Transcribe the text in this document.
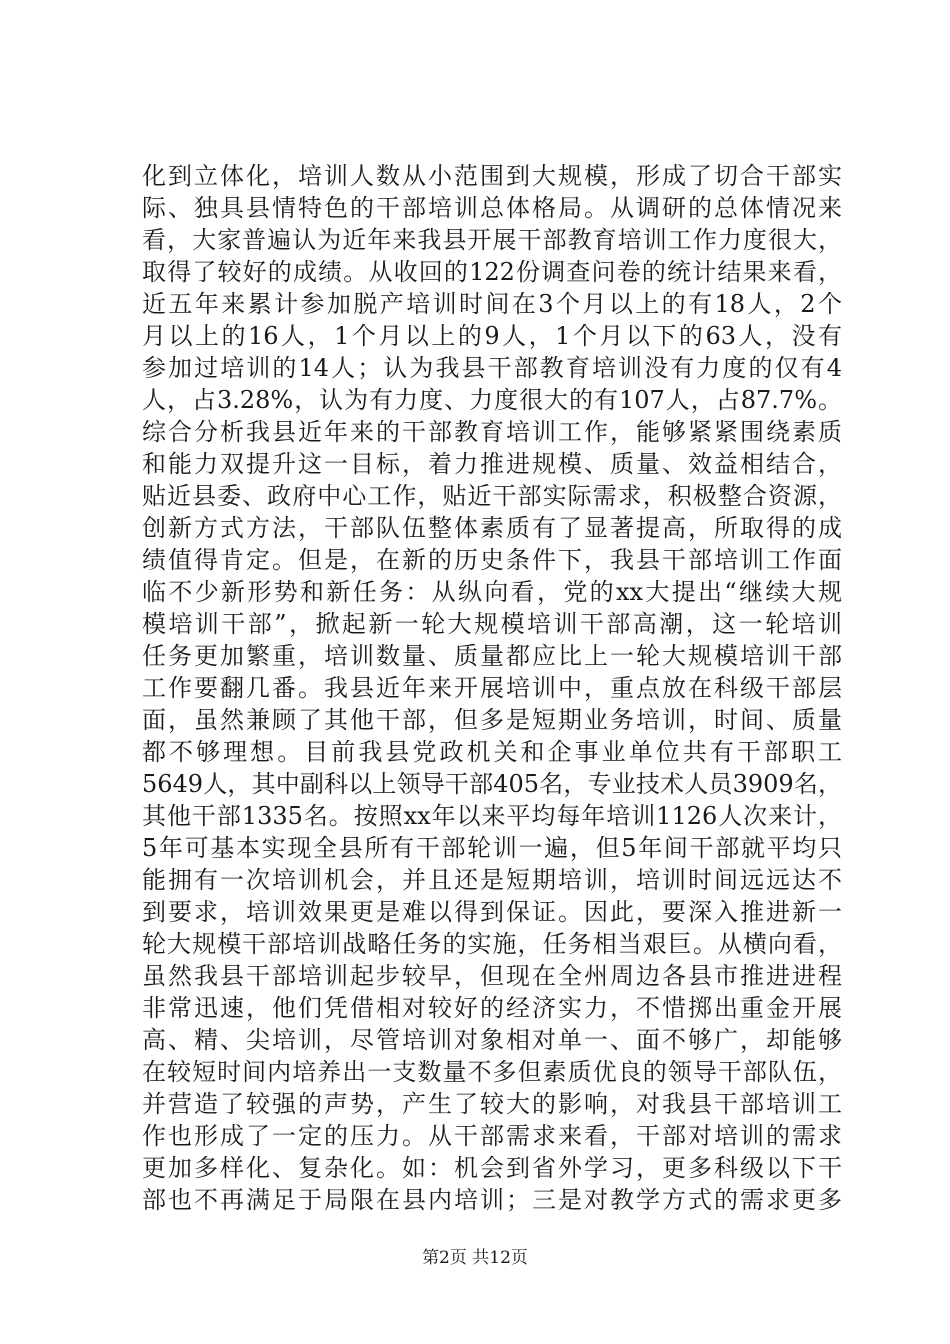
化到立体化，培训人数从小范围到大规模，形成了切合干部实
际、独具县情特色的干部培训总体格局。从调研的总体情况来
看，大家普遍认为近年来我县开展干部教育培训工作力度很大，
取得了较好的成绩。从收回的122份调查问卷的统计结果来看，
近五年来累计参加脱产培训时间在3个月以上的有18人，2个
月以上的16人，1个月以上的9人，1个月以下的63人，没有
参加过培训的14人；认为我县干部教育培训没有力度的仅有4
人，占3.28%，认为有力度、力度很大的有107人，占87.7%。
综合分析我县近年来的干部教育培训工作，能够紧紧围绕素质
和能力双提升这一目标，着力推进规模、质量、效益相结合，
贴近县委、政府中心工作，贴近干部实际需求，积极整合资源，
创新方式方法，干部队伍整体素质有了显著提高，所取得的成
绩值得肯定。但是，在新的历史条件下，我县干部培训工作面
临不少新形势和新任务：从纵向看，党的xx大提出“继续大规
模培训干部”，掀起新一轮大规模培训干部高潮，这一轮培训
任务更加繁重，培训数量、质量都应比上一轮大规模培训干部
工作要翻几番。我县近年来开展培训中，重点放在科级干部层
面，虽然兼顾了其他干部，但多是短期业务培训，时间、质量
都不够理想。目前我县党政机关和企事业单位共有干部职工
5649人，其中副科以上领导干部405名，专业技术人员3909名，
其他干部1335名。按照xx年以来平均每年培训1126人次来计，
5年可基本实现全县所有干部轮训一遍，但5年间干部就平均只
能拥有一次培训机会，并且还是短期培训，培训时间远远达不
到要求，培训效果更是难以得到保证。因此，要深入推进新一
轮大规模干部培训战略任务的实施，任务相当艰巨。从横向看，
虽然我县干部培训起步较早，但现在全州周边各县市推进进程
非常迅速，他们凭借相对较好的经济实力，不惜掷出重金开展
高、精、尖培训，尽管培训对象相对单一、面不够广，却能够
在较短时间内培养出一支数量不多但素质优良的领导干部队伍，
并营造了较强的声势，产生了较大的影响，对我县干部培训工
作也形成了一定的压力。从干部需求来看，干部对培训的需求
更加多样化、复杂化。如：机会到省外学习，更多科级以下干
部也不再满足于局限在县内培训；三是对教学方式的需求更多
第2页 共12页
